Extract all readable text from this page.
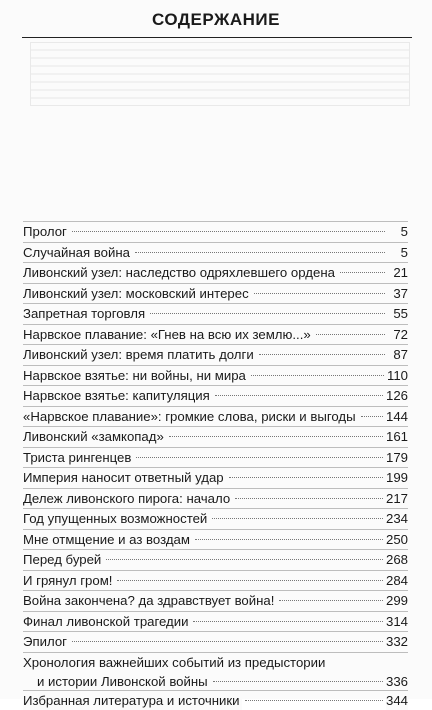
СОДЕРЖАНИЕ
Пролог	5
Случайная война	5
Ливонский узел: наследство одряхлевшего ордена	21
Ливонский узел: московский интерес	37
Запретная торговля	55
Нарвское плавание: «Гнев на всю их землю...»	72
Ливонский узел: время платить долги	87
Нарвское взятье: ни войны, ни мира	110
Нарвское взятье: капитуляция	126
«Нарвское плавание»: громкие слова, риски и выгоды 144
Ливонский «замкопад»	161
Триста рингенцев	179
Империя наносит ответный удар	199
Дележ ливонского пирога: начало	217
Год упущенных возможностей	234
Мне отмщение и аз воздам	250
Перед бурей	268
И грянул гром!	284
Война закончена? да здравствует война!	299
Финал ливонской трагедии	314
Эпилог	332
Хронология важнейших событий из предыстории
и истории Ливонской войны	336
Избранная литература и источники	344
